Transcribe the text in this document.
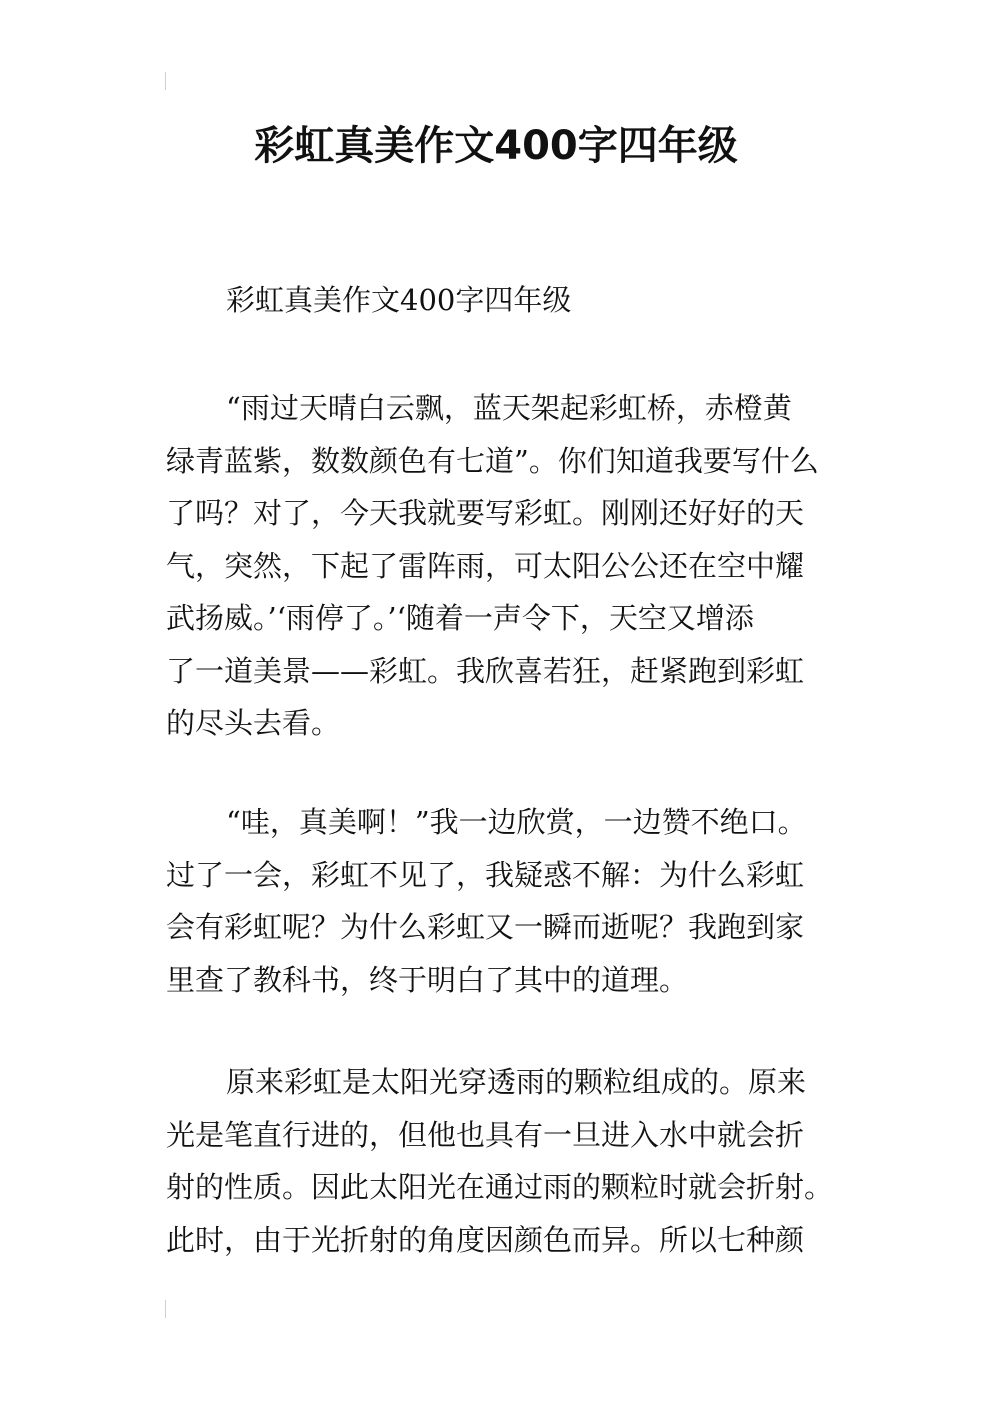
彩虹真美作文400字四年级

彩虹真美作文400字四年级

“雨过天晴白云飘，蓝天架起彩虹桥，赤橙黄
绿青蓝紫，数数颜色有七道”。你们知道我要写什么
了吗？对了，今天我就要写彩虹。刚刚还好好的天
气，突然，下起了雷阵雨，可太阳公公还在空中耀
武扬威。’‘雨停了。’‘随着一声令下，天空又增添
了一道美景——彩虹。我欣喜若狂，赶紧跑到彩虹
的尽头去看。
“哇，真美啊！”我一边欣赏，一边赞不绝口。
过了一会，彩虹不见了，我疑惑不解：为什么彩虹
会有彩虹呢？为什么彩虹又一瞬而逝呢？我跑到家
里查了教科书，终于明白了其中的道理。
原来彩虹是太阳光穿透雨的颗粒组成的。原来
光是笔直行进的，但他也具有一旦进入水中就会折
射的性质。因此太阳光在通过雨的颗粒时就会折射。
此时，由于光折射的角度因颜色而异。所以七种颜
